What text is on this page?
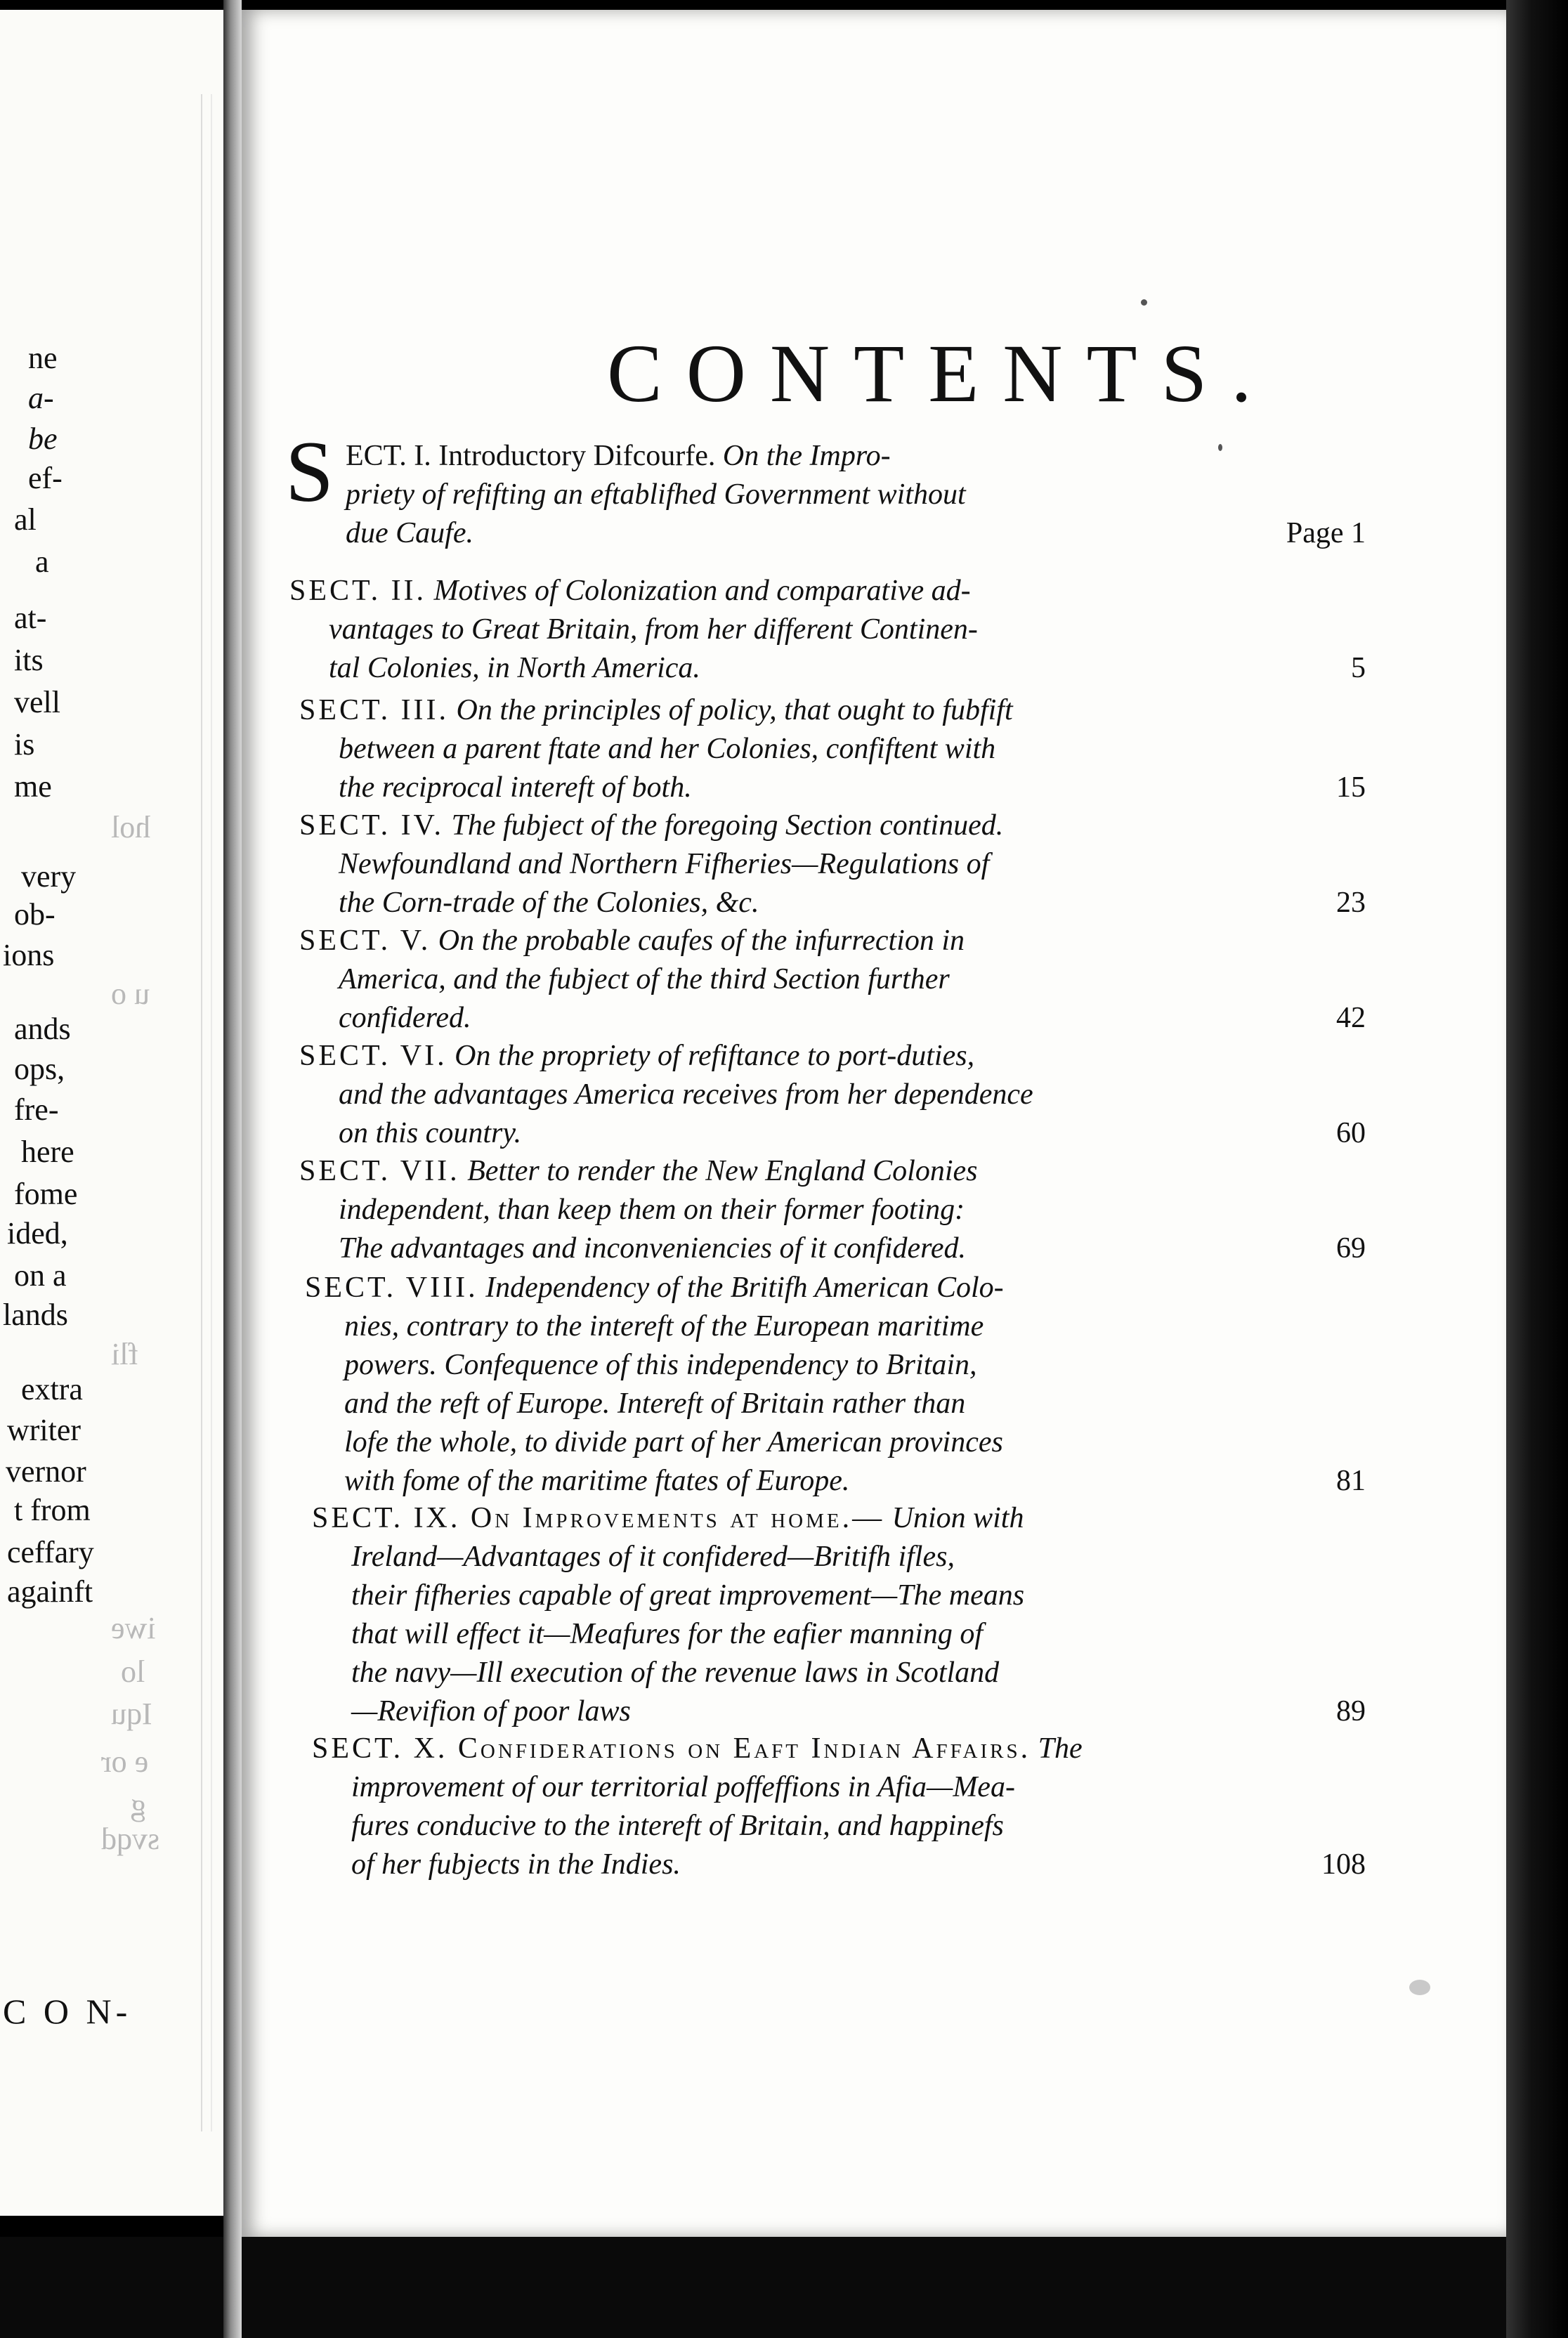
ne
a-
be
ef-
al
a
at-
its
vell
is
me
very
ob-
ions
ands
ops,
fre-
here
fome
ided,
on a
lands
extra
writer
vernor
t from
ceffary
againft
hol
u o
fli
iwe
lo
Iqu
e or
g
svqd
C O N-
CONTENTS.
S ECT. I. Introductory Difcourfe. On the Impro-
priety of refifting an eftablifhed Government without
due Caufe.	Page 1
SECT. II. Motives of Colonization and comparative ad-
vantages to Great Britain, from her different Continen-
tal Colonies, in North America.	5
SECT. III. On the principles of policy, that ought to fubfift
between a parent ftate and her Colonies, confiftent with
the reciprocal intereft of both.	15
SECT. IV. The fubject of the foregoing Section continued.
Newfoundland and Northern Fifheries—Regulations of
the Corn-trade of the Colonies, &c.	23
SECT. V. On the probable caufes of the infurrection in
America, and the fubject of the third Section further
confidered.	42
SECT. VI. On the propriety of refiftance to port-duties,
and the advantages America receives from her dependence
on this country.	60
SECT. VII. Better to render the New England Colonies
independent, than keep them on their former footing:
The advantages and inconveniencies of it confidered.	69
SECT. VIII. Independency of the Britifh American Colo-
nies, contrary to the intereft of the European maritime
powers. Confequence of this independency to Britain,
and the reft of Europe. Intereft of Britain rather than
lofe the whole, to divide part of her American provinces
with fome of the maritime ftates of Europe.	81
SECT. IX. On Improvements at home.— Union with
Ireland—Advantages of it confidered—Britifh ifles,
their fifheries capable of great improvement—The means
that will effect it—Meafures for the eafier manning of
the navy—Ill execution of the revenue laws in Scotland
—Revifion of poor laws	89
SECT. X. Confiderations on Eaft Indian Affairs. The
improvement of our territorial poffeffions in Afia—Mea-
fures conducive to the intereft of Britain, and happinefs
of her fubjects in the Indies.	108
